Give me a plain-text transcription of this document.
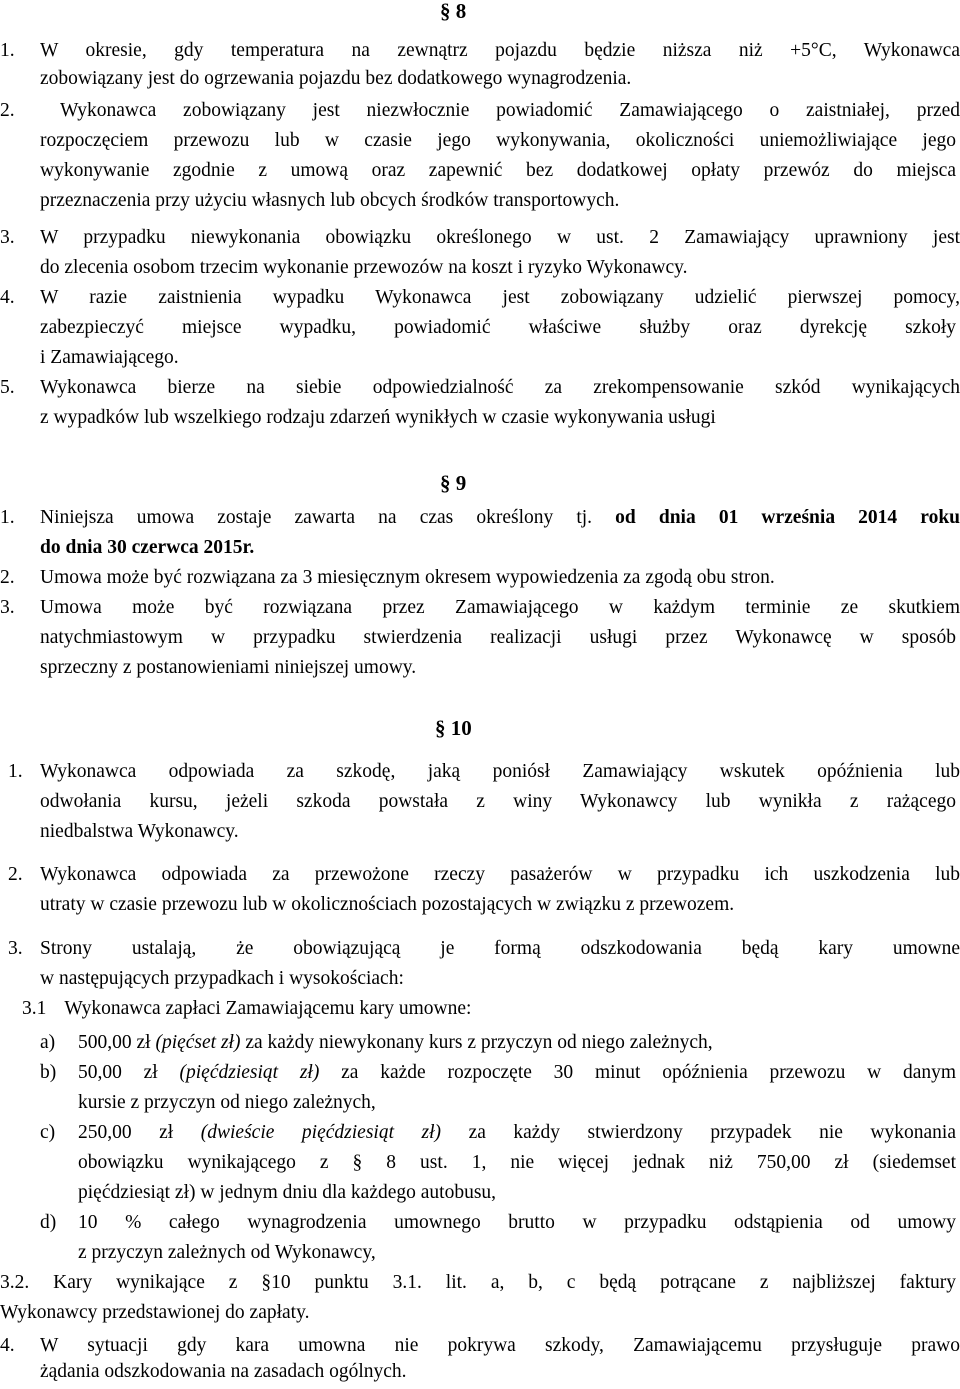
§ 8
1. W okresie, gdy temperatura na zewnątrz pojazdu będzie niższa niż +5°C, Wykonawca
zobowiązany jest do ogrzewania pojazdu bez dodatkowego wynagrodzenia.
2. Wykonawca zobowiązany jest niezwłocznie powiadomić Zamawiającego o zaistniałej, przed
rozpoczęciem przewozu lub w czasie jego wykonywania, okoliczności uniemożliwiające jego
wykonywanie zgodnie z umową oraz zapewnić bez dodatkowej opłaty przewóz do miejsca
przeznaczenia przy użyciu własnych lub obcych środków transportowych.
3. W przypadku niewykonania obowiązku określonego w ust. 2 Zamawiający uprawniony jest
do zlecenia osobom trzecim wykonanie przewozów na koszt i ryzyko Wykonawcy.
4. W razie zaistnienia wypadku Wykonawca jest zobowiązany udzielić pierwszej pomocy,
zabezpieczyć miejsce wypadku, powiadomić właściwe służby oraz dyrekcję szkoły
i Zamawiającego.
5. Wykonawca bierze na siebie odpowiedzialność za zrekompensowanie szkód wynikających
z wypadków lub wszelkiego rodzaju zdarzeń wynikłych w czasie wykonywania usługi
§ 9
1. Niniejsza umowa zostaje zawarta na czas określony tj. od dnia 01 września 2014 roku
do dnia 30 czerwca 2015r.
2. Umowa może być rozwiązana za 3 miesięcznym okresem wypowiedzenia za zgodą obu stron.
3. Umowa może być rozwiązana przez Zamawiającego w każdym terminie ze skutkiem
natychmiastowym w przypadku stwierdzenia realizacji usługi przez Wykonawcę w sposób
sprzeczny z postanowieniami niniejszej umowy.
§ 10
1. Wykonawca odpowiada za szkodę, jaką poniósł Zamawiający wskutek opóźnienia lub
odwołania kursu, jeżeli szkoda powstała z winy Wykonawcy lub wynikła z rażącego
niedbalstwa Wykonawcy.
2. Wykonawca odpowiada za przewożone rzeczy pasażerów w przypadku ich uszkodzenia lub
utraty w czasie przewozu lub w okolicznościach pozostających w związku z przewozem.
3. Strony ustalają, że obowiązującą je formą odszkodowania będą kary umowne
w następujących przypadkach i wysokościach:
3.1 Wykonawca zapłaci Zamawiającemu kary umowne:
a) 500,00 zł (pięćset zł) za każdy niewykonany kurs z przyczyn od niego zależnych,
b) 50,00 zł (pięćdziesiąt zł) za każde rozpoczęte 30 minut opóźnienia przewozu w danym
kursie z przyczyn od niego zależnych,
c) 250,00 zł (dwieście pięćdziesiąt zł) za każdy stwierdzony przypadek nie wykonania
obowiązku wynikającego z § 8 ust. 1, nie więcej jednak niż 750,00 zł (siedemset
pięćdziesiąt zł) w jednym dniu dla każdego autobusu,
d) 10 % całego wynagrodzenia umownego brutto w przypadku odstąpienia od umowy
z przyczyn zależnych od Wykonawcy,
3.2. Kary wynikające z §10 punktu 3.1. lit. a, b, c będą potrącane z najbliższej faktury
Wykonawcy przedstawionej do zapłaty.
4. W sytuacji gdy kara umowna nie pokrywa szkody, Zamawiającemu przysługuje prawo
żądania odszkodowania na zasadach ogólnych.
